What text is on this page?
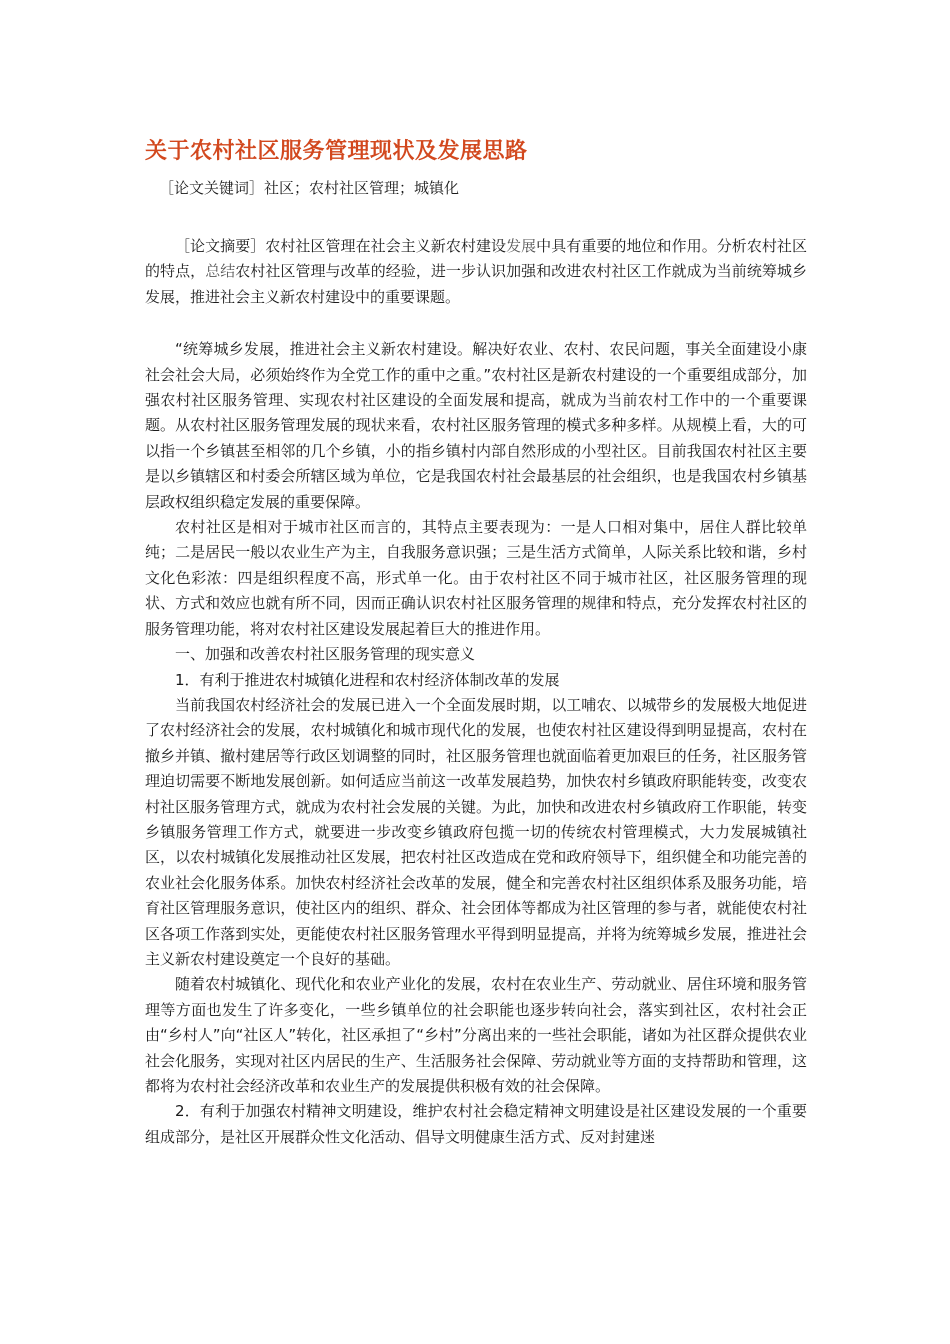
关于农村社区服务管理现状及发展思路

［论文关键词］社区；农村社区管理；城镇化

［论文摘要］农村社区管理在社会主义新农村建设发展中具有重要的地位和作用。分析农村社区的特点，总结农村社区管理与改革的经验，进一步认识加强和改进农村社区工作就成为当前统筹城乡发展，推进社会主义新农村建设中的重要课题。

“统筹城乡发展，推进社会主义新农村建设。解决好农业、农村、农民问题，事关全面建设小康社会社会大局，必须始终作为全党工作的重中之重。”农村社区是新农村建设的一个重要组成部分，加强农村社区服务管理、实现农村社区建设的全面发展和提高，就成为当前农村工作中的一个重要课题。从农村社区服务管理发展的现状来看，农村社区服务管理的模式多种多样。从规模上看，大的可以指一个乡镇甚至相邻的几个乡镇，小的指乡镇村内部自然形成的小型社区。目前我国农村社区主要是以乡镇辖区和村委会所辖区域为单位，它是我国农村社会最基层的社会组织，也是我国农村乡镇基层政权组织稳定发展的重要保障。

农村社区是相对于城市社区而言的，其特点主要表现为：一是人口相对集中，居住人群比较单纯；二是居民一般以农业生产为主，自我服务意识强；三是生活方式简单，人际关系比较和谐，乡村文化色彩浓：四是组织程度不高，形式单一化。由于农村社区不同于城市社区，社区服务管理的现状、方式和效应也就有所不同，因而正确认识农村社区服务管理的规律和特点，充分发挥农村社区的服务管理功能，将对农村社区建设发展起着巨大的推进作用。

一、加强和改善农村社区服务管理的现实意义

1．有利于推进农村城镇化进程和农村经济体制改革的发展

当前我国农村经济社会的发展已进入一个全面发展时期，以工哺农、以城带乡的发展极大地促进了农村经济社会的发展，农村城镇化和城市现代化的发展，也使农村社区建设得到明显提高，农村在撤乡并镇、撤村建居等行政区划调整的同时，社区服务管理也就面临着更加艰巨的任务，社区服务管理迫切需要不断地发展创新。如何适应当前这一改革发展趋势，加快农村乡镇政府职能转变，改变农村社区服务管理方式，就成为农村社会发展的关键。为此，加快和改进农村乡镇政府工作职能，转变乡镇服务管理工作方式，就要进一步改变乡镇政府包揽一切的传统农村管理模式，大力发展城镇社区，以农村城镇化发展推动社区发展，把农村社区改造成在党和政府领导下，组织健全和功能完善的农业社会化服务体系。加快农村经济社会改革的发展，健全和完善农村社区组织体系及服务功能，培育社区管理服务意识，使社区内的组织、群众、社会团体等都成为社区管理的参与者，就能使农村社区各项工作落到实处，更能使农村社区服务管理水平得到明显提高，并将为统筹城乡发展，推进社会主义新农村建设奠定一个良好的基础。

随着农村城镇化、现代化和农业产业化的发展，农村在农业生产、劳动就业、居住环境和服务管理等方面也发生了许多变化，一些乡镇单位的社会职能也逐步转向社会，落实到社区，农村社会正由“乡村人”向“社区人”转化，社区承担了“乡村”分离出来的一些社会职能，诸如为社区群众提供农业社会化服务，实现对社区内居民的生产、生活服务社会保障、劳动就业等方面的支持帮助和管理，这都将为农村社会经济改革和农业生产的发展提供积极有效的社会保障。

2．有利于加强农村精神文明建设，维护农村社会稳定精神文明建设是社区建设发展的一个重要组成部分，是社区开展群众性文化活动、倡导文明健康生活方式、反对封建迷
